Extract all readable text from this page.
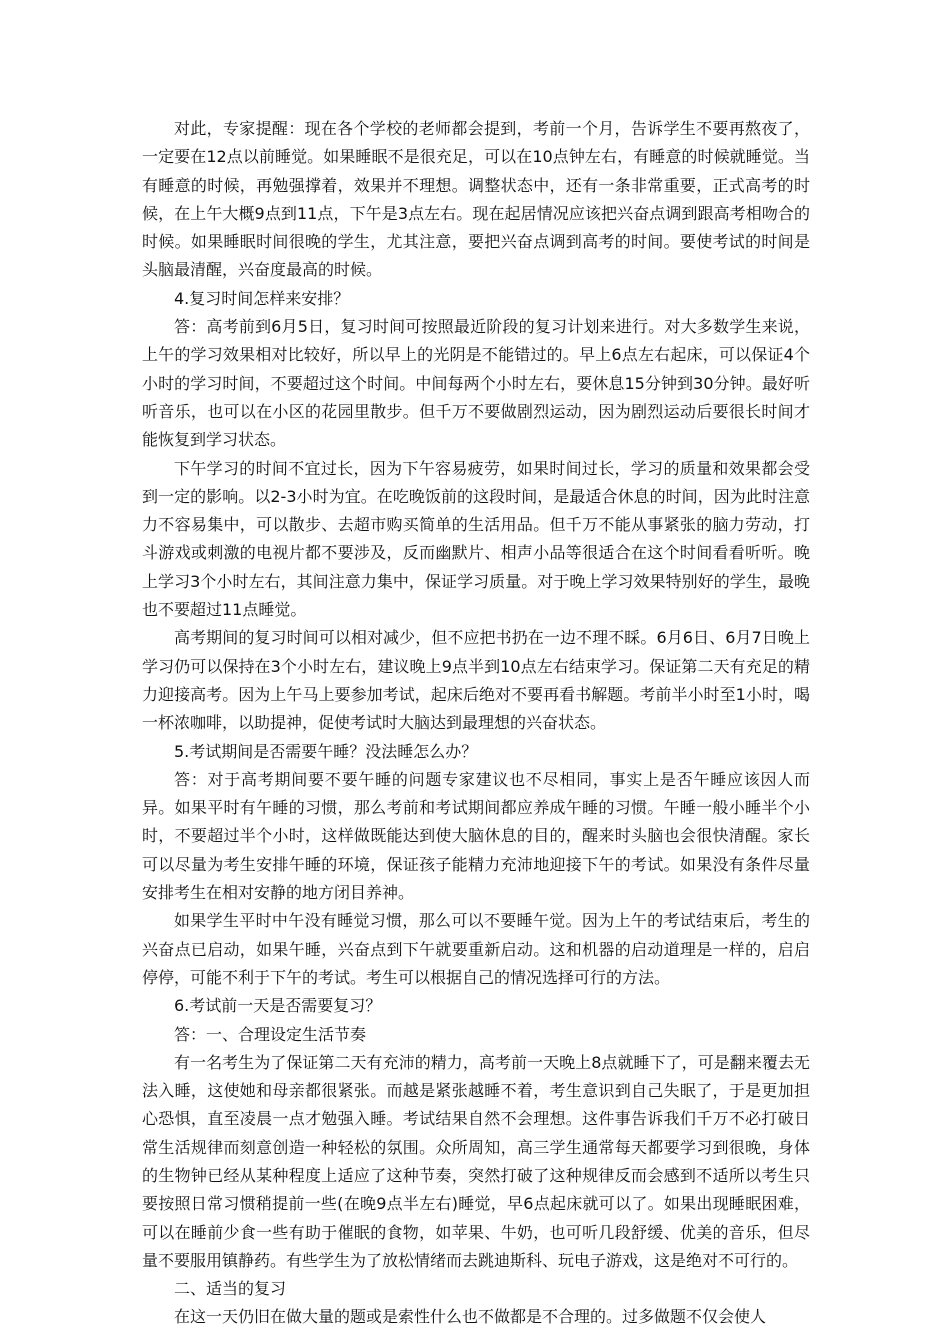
对此，专家提醒：现在各个学校的老师都会提到，考前一个月，告诉学生不要再熬夜了，一定要在12点以前睡觉。如果睡眠不是很充足，可以在10点钟左右，有睡意的时候就睡觉。当有睡意的时候，再勉强撑着，效果并不理想。调整状态中，还有一条非常重要，正式高考的时候，在上午大概9点到11点，下午是3点左右。现在起居情况应该把兴奋点调到跟高考相吻合的时候。如果睡眠时间很晚的学生，尤其注意，要把兴奋点调到高考的时间。要使考试的时间是头脑最清醒，兴奋度最高的时候。

4.复习时间怎样来安排？

答：高考前到6月5日，复习时间可按照最近阶段的复习计划来进行。对大多数学生来说，上午的学习效果相对比较好，所以早上的光阴是不能错过的。早上6点左右起床，可以保证4个小时的学习时间，不要超过这个时间。中间每两个小时左右，要休息15分钟到30分钟。最好听听音乐，也可以在小区的花园里散步。但千万不要做剧烈运动，因为剧烈运动后要很长时间才能恢复到学习状态。

下午学习的时间不宜过长，因为下午容易疲劳，如果时间过长，学习的质量和效果都会受到一定的影响。以2-3小时为宜。在吃晚饭前的这段时间，是最适合休息的时间，因为此时注意力不容易集中，可以散步、去超市购买简单的生活用品。但千万不能从事紧张的脑力劳动，打斗游戏或刺激的电视片都不要涉及，反而幽默片、相声小品等很适合在这个时间看看听听。晚上学习3个小时左右，其间注意力集中，保证学习质量。对于晚上学习效果特别好的学生，最晚也不要超过11点睡觉。

高考期间的复习时间可以相对减少，但不应把书扔在一边不理不睬。6月6日、6月7日晚上学习仍可以保持在3个小时左右，建议晚上9点半到10点左右结束学习。保证第二天有充足的精力迎接高考。因为上午马上要参加考试，起床后绝对不要再看书解题。考前半小时至1小时，喝一杯浓咖啡，以助提神，促使考试时大脑达到最理想的兴奋状态。

5.考试期间是否需要午睡？没法睡怎么办？

答：对于高考期间要不要午睡的问题专家建议也不尽相同，事实上是否午睡应该因人而异。如果平时有午睡的习惯，那么考前和考试期间都应养成午睡的习惯。午睡一般小睡半个小时，不要超过半个小时，这样做既能达到使大脑休息的目的，醒来时头脑也会很快清醒。家长可以尽量为考生安排午睡的环境，保证孩子能精力充沛地迎接下午的考试。如果没有条件尽量安排考生在相对安静的地方闭目养神。

如果学生平时中午没有睡觉习惯，那么可以不要睡午觉。因为上午的考试结束后，考生的兴奋点已启动，如果午睡，兴奋点到下午就要重新启动。这和机器的启动道理是一样的，启启停停，可能不利于下午的考试。考生可以根据自己的情况选择可行的方法。

6.考试前一天是否需要复习？

答：一、合理设定生活节奏

有一名考生为了保证第二天有充沛的精力，高考前一天晚上8点就睡下了，可是翻来覆去无法入睡，这使她和母亲都很紧张。而越是紧张越睡不着，考生意识到自己失眠了，于是更加担心恐惧，直至凌晨一点才勉强入睡。考试结果自然不会理想。这件事告诉我们千万不必打破日常生活规律而刻意创造一种轻松的氛围。众所周知，高三学生通常每天都要学习到很晚，身体的生物钟已经从某种程度上适应了这种节奏，突然打破了这种规律反而会感到不适所以考生只要按照日常习惯稍提前一些(在晚9点半左右)睡觉，早6点起床就可以了。如果出现睡眠困难，可以在睡前少食一些有助于催眠的食物，如苹果、牛奶，也可听几段舒缓、优美的音乐，但尽量不要服用镇静药。有些学生为了放松情绪而去跳迪斯科、玩电子游戏，这是绝对不可行的。

二、适当的复习

在这一天仍旧在做大量的题或是索性什么也不做都是不合理的。过多做题不仅会使人
